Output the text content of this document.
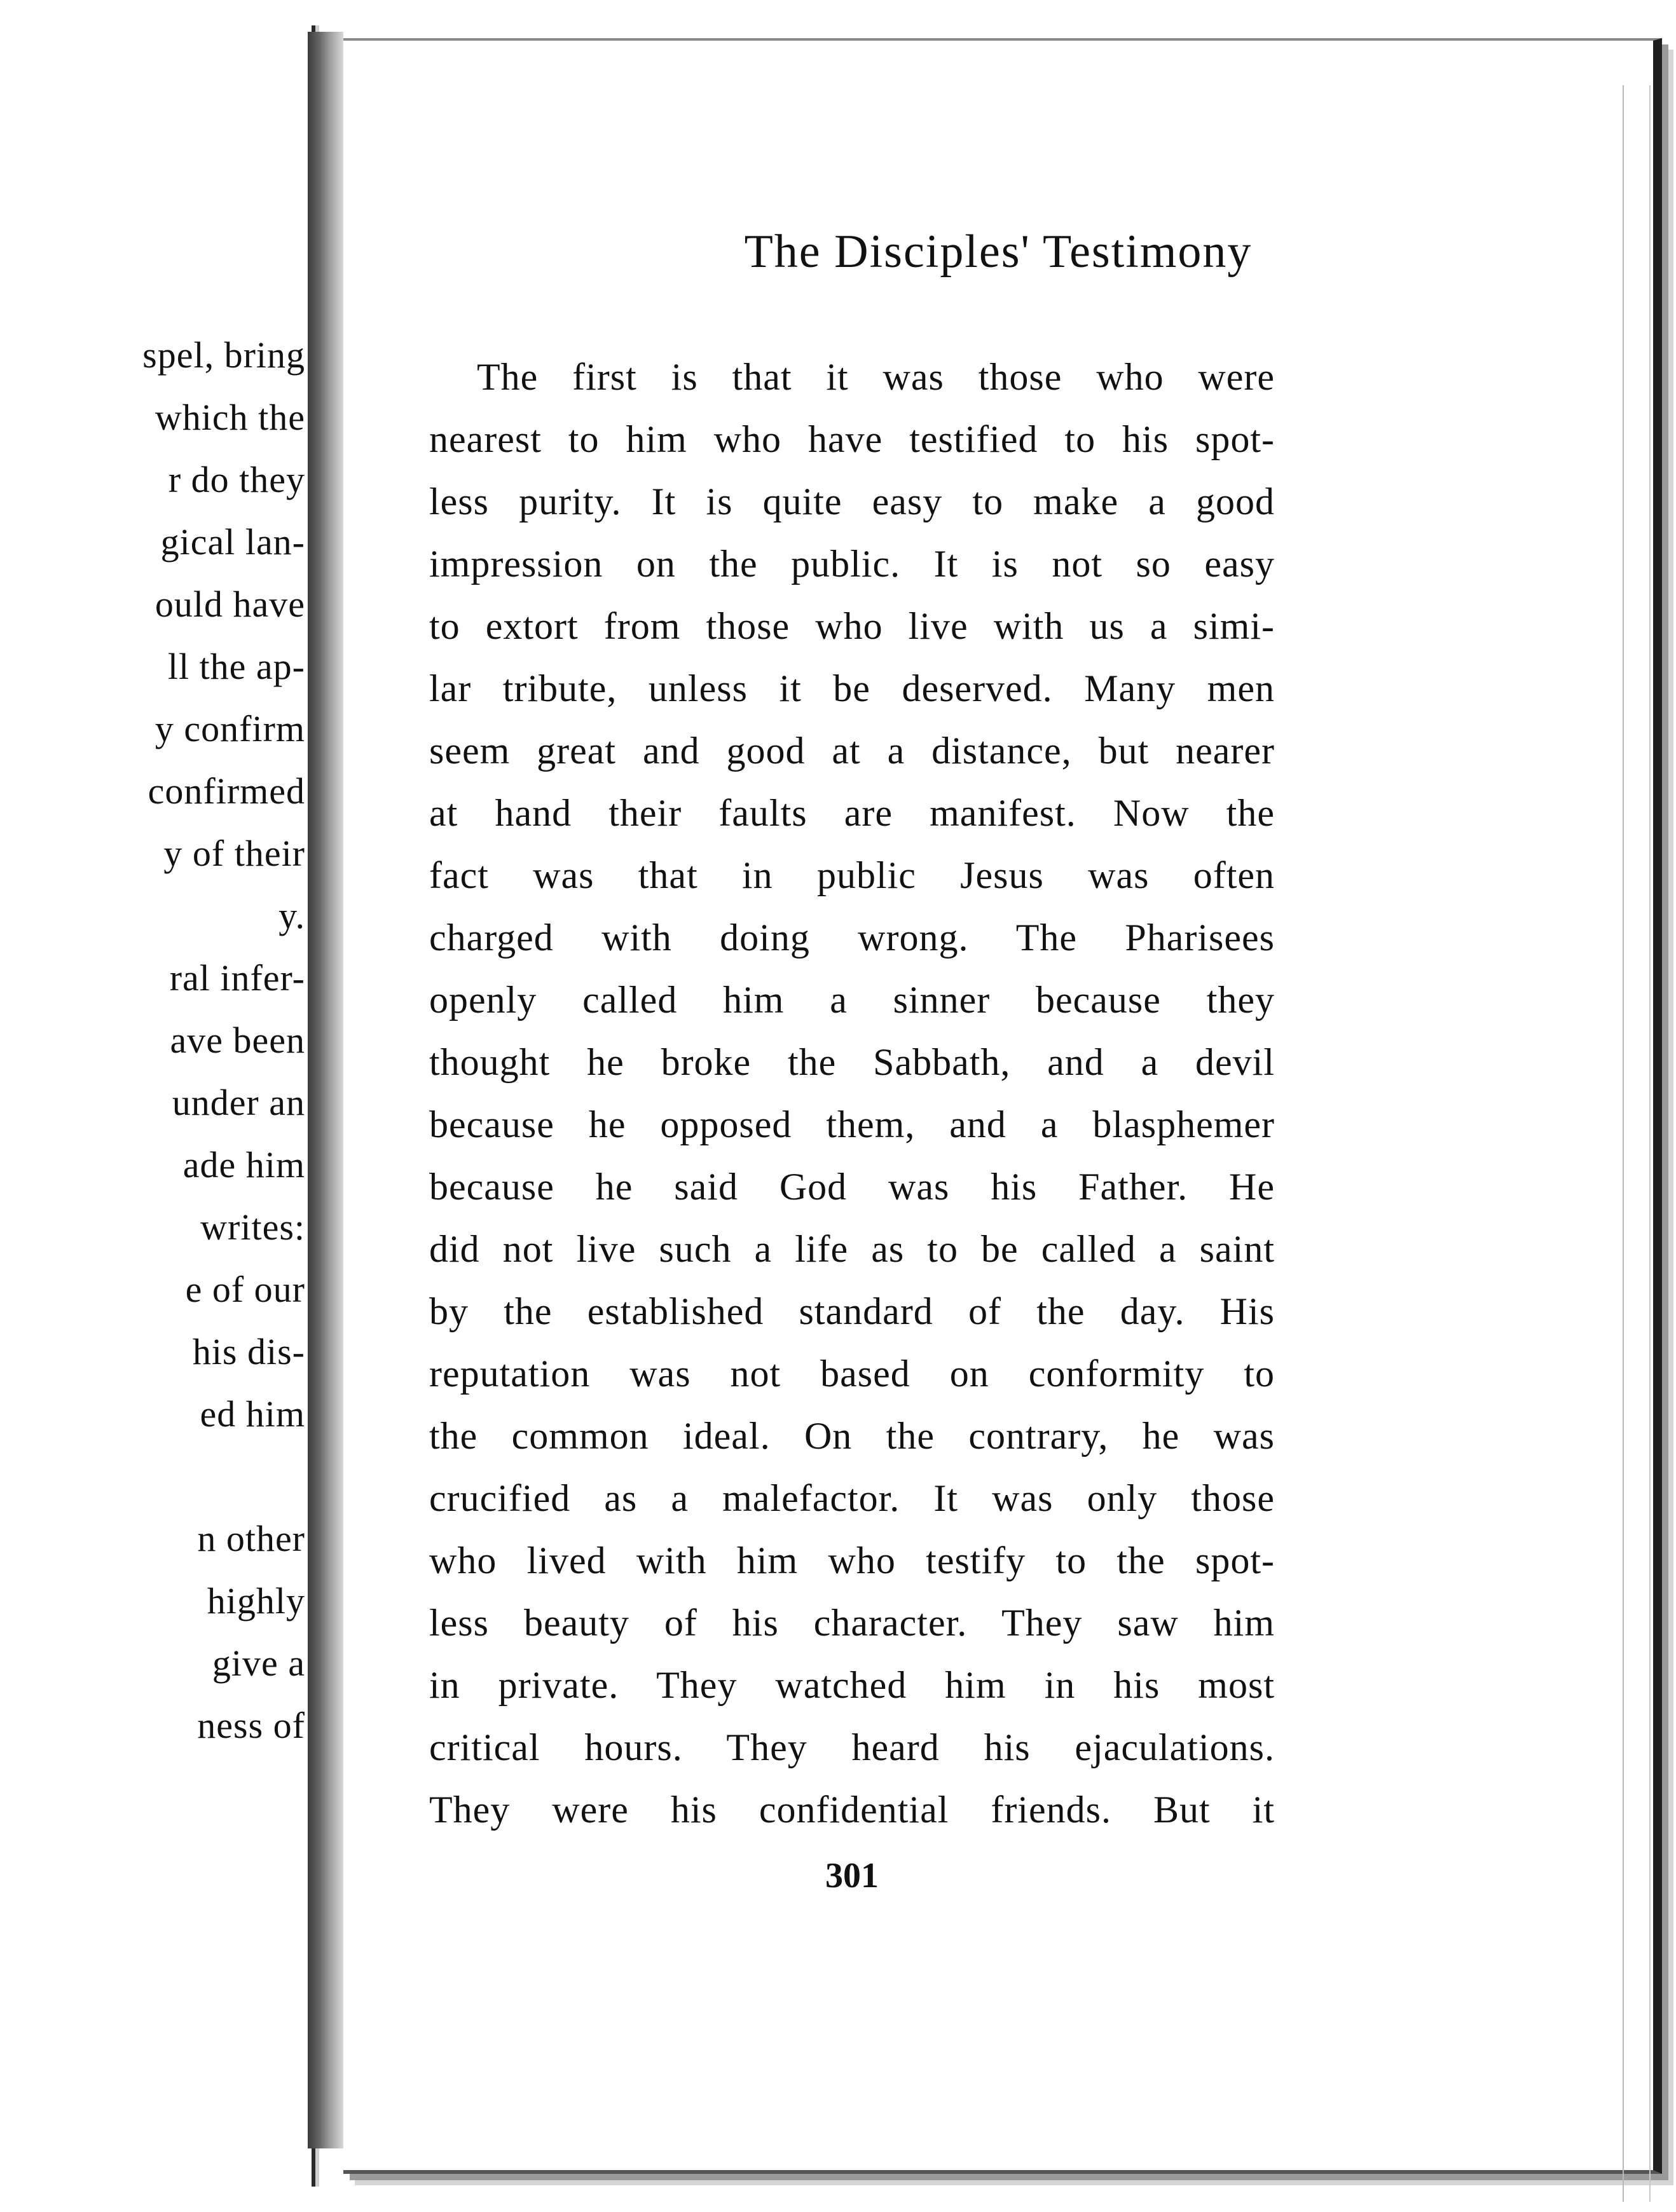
spel, bring
which the
r do they
gical lan-
ould have
ll the ap-
y confirm
confirmed
y of their
y.
ral infer-
ave been
under an
ade him
writes:
e of our
his dis-
ed him
n other
highly
give a
ness of
The Disciples' Testimony
The first is that it was those who were
nearest to him who have testified to his spot-
less purity. It is quite easy to make a good
impression on the public. It is not so easy
to extort from those who live with us a simi-
lar tribute, unless it be deserved. Many men
seem great and good at a distance, but nearer
at hand their faults are manifest. Now the
fact was that in public Jesus was often
charged with doing wrong. The Pharisees
openly called him a sinner because they
thought he broke the Sabbath, and a devil
because he opposed them, and a blasphemer
because he said God was his Father. He
did not live such a life as to be called a saint
by the established standard of the day. His
reputation was not based on conformity to
the common ideal. On the contrary, he was
crucified as a malefactor. It was only those
who lived with him who testify to the spot-
less beauty of his character. They saw him
in private. They watched him in his most
critical hours. They heard his ejaculations.
They were his confidential friends. But it
301
